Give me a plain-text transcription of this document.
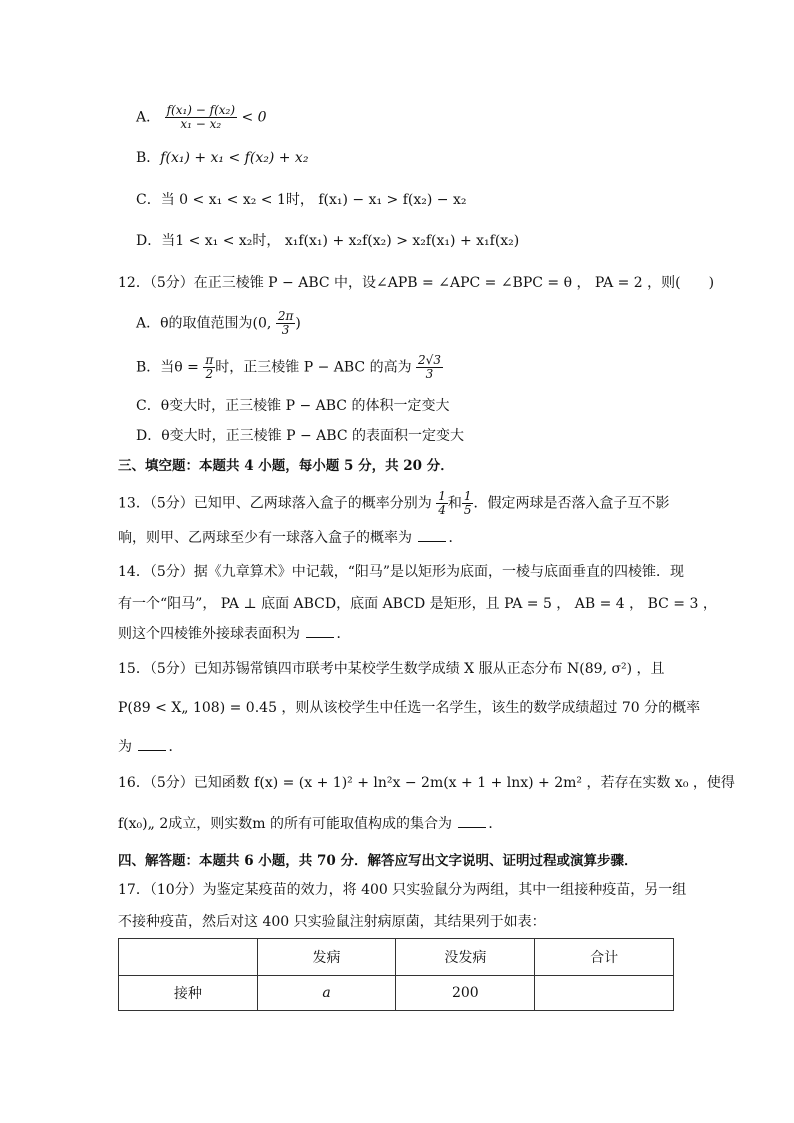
A． $\frac{\text{f(x₁) − f(x₂)}}{\text{x₁ − x₂}} < 0$
B．f(x₁) + x₁ < f(x₂) + x₂
C．当 0 < x₁ < x₂ < 1时， f(x₁) − x₁ > f(x₂) − x₂
D．当1 < x₁ < x₂时， x₁f(x₁) + x₂f(x₂) > x₂f(x₁) + x₁f(x₂)
12．（5分）在正三棱锥 P − ABC 中，设∠APB = ∠APC = ∠BPC = θ ， PA = 2 ，则(　　)
A．θ的取值范围为(0, $\frac{2\pi}{3}$ )
B．当$\theta = \frac{\pi}{2}$ 时，正三棱锥 P − ABC 的高为 $\frac{2√3}{3}$
C．θ变大时，正三棱锥 P − ABC 的体积一定变大
D．θ变大时，正三棱锥 P − ABC 的表面积一定变大
三、填空题：本题共 4 小题，每小题 5 分，共 20 分．
13．（5分）已知甲、乙两球落入盒子的概率分别为 $\frac{1}{4}$ 和 $\frac{1}{5}$ ．假定两球是否落入盒子互不影
响，则甲、乙两球至少有一球落入盒子的概率为	．
14．（5分）据《九章算术》中记载，“阳马”是以矩形为底面，一棱与底面垂直的四棱锥．现
有一个“阳马”， PA ⊥ 底面 ABCD，底面 ABCD 是矩形，且 PA = 5 ， AB = 4 ， BC = 3 ，
则这个四棱锥外接球表面积为	．
15．（5分）已知苏锡常镇四市联考中某校学生数学成绩 X 服从正态分布 N(89, σ²) ，且
P(89 < X„ 108) = 0.45 ，则从该校学生中任选一名学生，该生的数学成绩超过 70 分的概率
为	．
16．（5分）已知函数 f(x) = (x + 1)² + ln²x − 2m(x + 1 + lnx) + 2m² ，若存在实数 x₀ ，使得
f(x₀)„ 2成立，则实数m 的所有可能取值构成的集合为	．
四、解答题：本题共 6 小题，共 70 分．解答应写出文字说明、证明过程或演算步骤．
17．（10分）为鉴定某疫苗的效力，将 400 只实验鼠分为两组，其中一组接种疫苗，另一组
不接种疫苗，然后对这 400 只实验鼠注射病原菌，其结果列于如表：
	发病	没发病	合计
接种	a	200	
